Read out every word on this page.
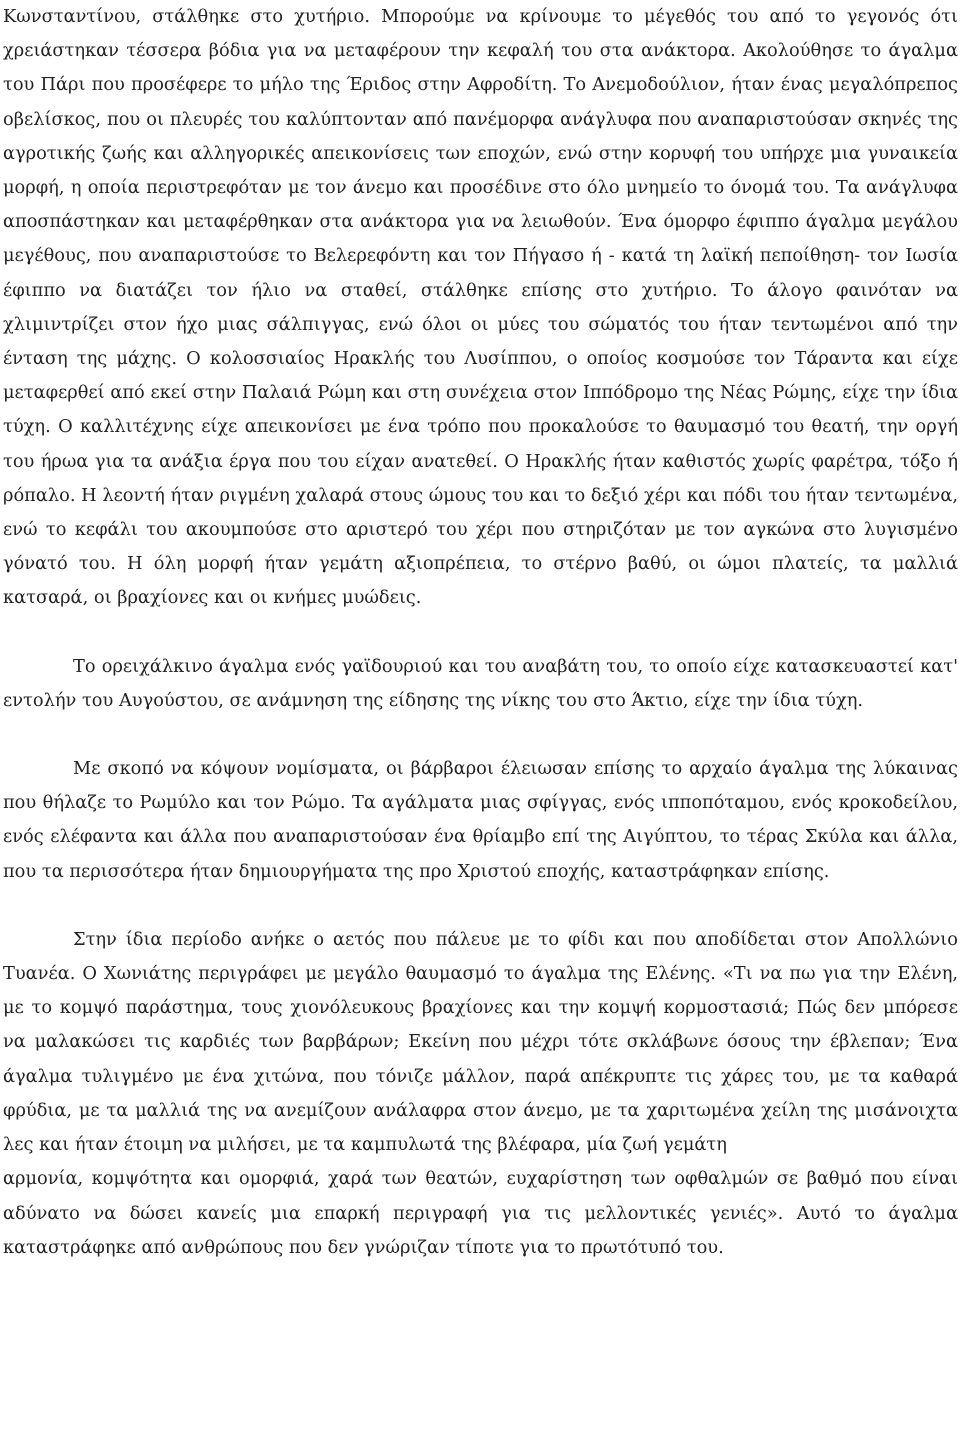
Κωνσταντίνου, στάλθηκε στο χυτήριο. Μπορούμε να κρίνουμε το μέγεθός του από το γεγονός ότι χρειάστηκαν τέσσερα βόδια για να μεταφέρουν την κεφαλή του στα ανάκτορα. Ακολούθησε το άγαλμα του Πάρι που προσέφερε το μήλο της Έριδος στην Αφροδίτη. Το Ανεμοδούλιον, ήταν ένας μεγαλόπρεπος οβελίσκος, που οι πλευρές του καλύπτονταν από πανέμορφα ανάγλυφα που αναπαριστούσαν σκηνές της αγροτικής ζωής και αλληγορικές απεικονίσεις των εποχών, ενώ στην κορυφή του υπήρχε μια γυναικεία μορφή, η οποία περιστρεφόταν με τον άνεμο και προσέδινε στο όλο μνημείο το όνομά του. Τα ανάγλυφα αποσπάστηκαν και μεταφέρθηκαν στα ανάκτορα για να λειωθούν. Ένα όμορφο έφιππο άγαλμα μεγάλου μεγέθους, που αναπαριστούσε το Βελερεφόντη και τον Πήγασο ή - κατά τη λαϊκή πεποίθηση- τον Ιωσία έφιππο να διατάζει τον ήλιο να σταθεί, στάλθηκε επίσης στο χυτήριο. Το άλογο φαινόταν να χλιμιντρίζει στον ήχο μιας σάλπιγγας, ενώ όλοι οι μύες του σώματός του ήταν τεντωμένοι από την ένταση της μάχης. Ο κολοσσιαίος Ηρακλής του Λυσίππου, ο οποίος κοσμούσε τον Τάραντα και είχε μεταφερθεί από εκεί στην Παλαιά Ρώμη και στη συνέχεια στον Ιππόδρομο της Νέας Ρώμης, είχε την ίδια τύχη. Ο καλλιτέχνης είχε απεικονίσει με ένα τρόπο που προκαλούσε το θαυμασμό του θεατή, την οργή του ήρωα για τα ανάξια έργα που του είχαν ανατεθεί. Ο Ηρακλής ήταν καθιστός χωρίς φαρέτρα, τόξο ή ρόπαλο. Η λεοντή ήταν ριγμένη χαλαρά στους ώμους του και το δεξιό χέρι και πόδι του ήταν τεντωμένα, ενώ το κεφάλι του ακουμπούσε στο αριστερό του χέρι που στηριζόταν με τον αγκώνα στο λυγισμένο γόνατό του. Η όλη μορφή ήταν γεμάτη αξιοπρέπεια, το στέρνο βαθύ, οι ώμοι πλατείς, τα μαλλιά κατσαρά, οι βραχίονες και οι κνήμες μυώδεις.

Το ορειχάλκινο άγαλμα ενός γαϊδουριού και του αναβάτη του, το οποίο είχε κατασκευαστεί κατ' εντολήν του Αυγούστου, σε ανάμνηση της είδησης της νίκης του στο Άκτιο, είχε την ίδια τύχη.

Με σκοπό να κόψουν νομίσματα, οι βάρβαροι έλειωσαν επίσης το αρχαίο άγαλμα της λύκαινας που θήλαζε το Ρωμύλο και τον Ρώμο. Τα αγάλματα μιας σφίγγας, ενός ιπποπόταμου, ενός κροκοδείλου, ενός ελέφαντα και άλλα που αναπαριστούσαν ένα θρίαμβο επί της Αιγύπτου, το τέρας Σκύλα και άλλα, που τα περισσότερα ήταν δημιουργήματα της προ Χριστού εποχής, καταστράφηκαν επίσης.

Στην ίδια περίοδο ανήκε ο αετός που πάλευε με το φίδι και που αποδίδεται στον Απολλώνιο Τυανέα. Ο Χωνιάτης περιγράφει με μεγάλο θαυμασμό το άγαλμα της Ελένης. «Τι να πω για την Ελένη, με το κομψό παράστημα, τους χιονόλευκους βραχίονες και την κομψή κορμοστασιά; Πώς δεν μπόρεσε να μαλακώσει τις καρδιές των βαρβάρων; Εκείνη που μέχρι τότε σκλάβωνε όσους την έβλεπαν; Ένα άγαλμα τυλιγμένο με ένα χιτώνα, που τόνιζε μάλλον, παρά απέκρυπτε τις χάρες του, με τα καθαρά φρύδια, με τα μαλλιά της να ανεμίζουν ανάλαφρα στον άνεμο, με τα χαριτωμένα χείλη της μισάνοιχτα λες και ήταν έτοιμη να μιλήσει, με τα καμπυλωτά της βλέφαρα, μία ζωή γεμάτη

αρμονία, κομψότητα και ομορφιά, χαρά των θεατών, ευχαρίστηση των οφθαλμών σε βαθμό που είναι αδύνατο να δώσει κανείς μια επαρκή περιγραφή για τις μελλοντικές γενιές». Αυτό το άγαλμα καταστράφηκε από ανθρώπους που δεν γνώριζαν τίποτε για το πρωτότυπό του.
